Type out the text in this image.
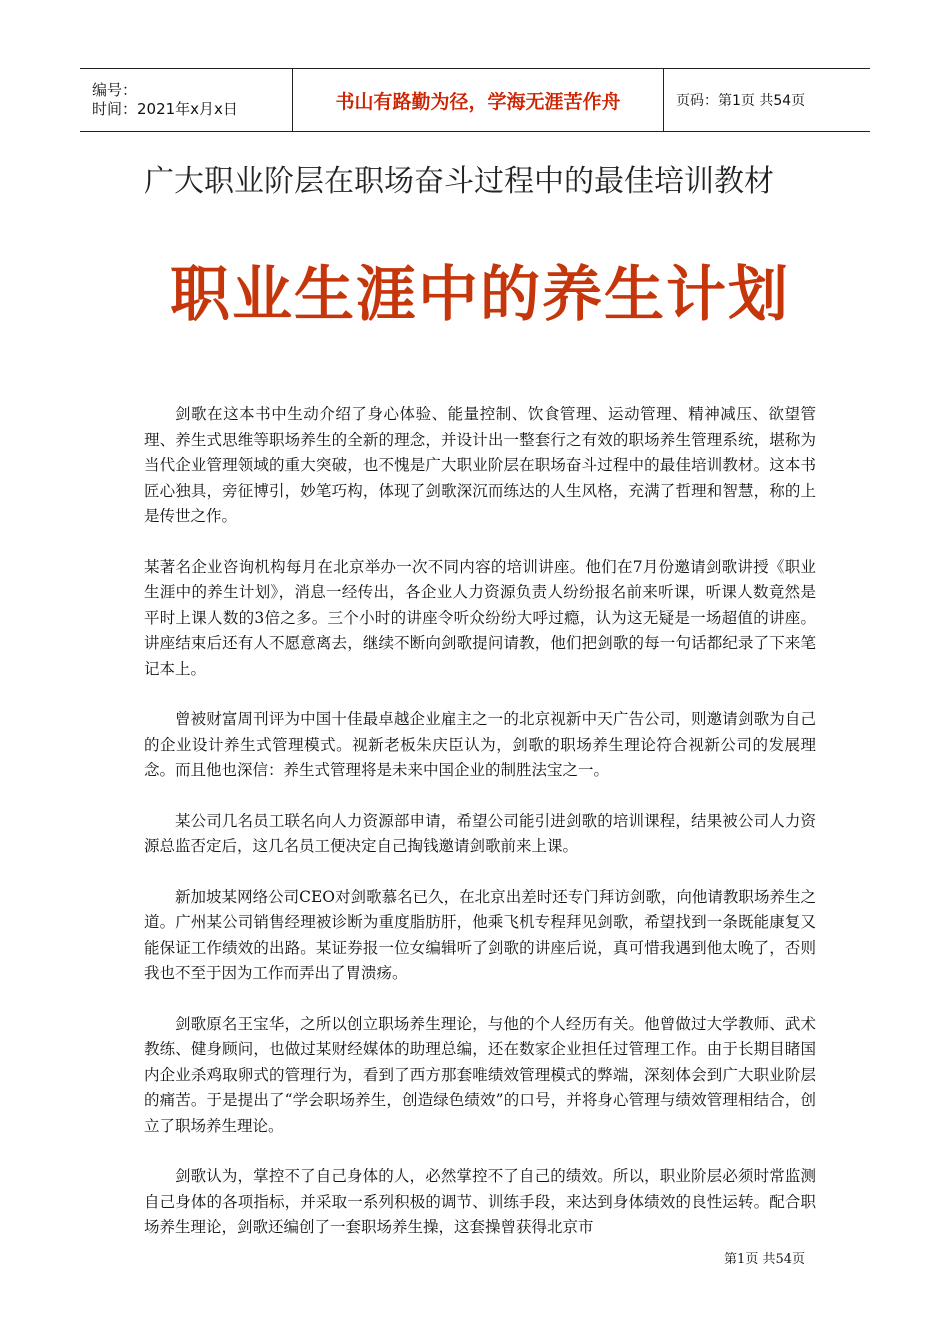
编号：
时间：2021年x月x日	书山有路勤为径，学海无涯苦作舟	页码：第1页 共54页
广大职业阶层在职场奋斗过程中的最佳培训教材
职业生涯中的养生计划

剑歌在这本书中生动介绍了身心体验、能量控制、饮食管理、运动管理、精神减压、欲望管理、养生式思维等职场养生的全新的理念，并设计出一整套行之有效的职场养生管理系统，堪称为当代企业管理领域的重大突破，也不愧是广大职业阶层在职场奋斗过程中的最佳培训教材。这本书匠心独具，旁征博引，妙笔巧构，体现了剑歌深沉而练达的人生风格，充满了哲理和智慧，称的上是传世之作。

某著名企业咨询机构每月在北京举办一次不同内容的培训讲座。他们在7月份邀请剑歌讲授《职业生涯中的养生计划》，消息一经传出，各企业人力资源负责人纷纷报名前来听课，听课人数竟然是平时上课人数的3倍之多。三个小时的讲座令听众纷纷大呼过瘾，认为这无疑是一场超值的讲座。讲座结束后还有人不愿意离去，继续不断向剑歌提问请教，他们把剑歌的每一句话都纪录了下来笔记本上。

曾被财富周刊评为中国十佳最卓越企业雇主之一的北京视新中天广告公司，则邀请剑歌为自己的企业设计养生式管理模式。视新老板朱庆臣认为，剑歌的职场养生理论符合视新公司的发展理念。而且他也深信：养生式管理将是未来中国企业的制胜法宝之一。

某公司几名员工联名向人力资源部申请，希望公司能引进剑歌的培训课程，结果被公司人力资源总监否定后，这几名员工便决定自己掏钱邀请剑歌前来上课。

新加坡某网络公司CEO对剑歌慕名已久，在北京出差时还专门拜访剑歌，向他请教职场养生之道。广州某公司销售经理被诊断为重度脂肪肝，他乘飞机专程拜见剑歌，希望找到一条既能康复又能保证工作绩效的出路。某证券报一位女编辑听了剑歌的讲座后说，真可惜我遇到他太晚了，否则我也不至于因为工作而弄出了胃溃疡。

剑歌原名王宝华，之所以创立职场养生理论，与他的个人经历有关。他曾做过大学教师、武术教练、健身顾问，也做过某财经媒体的助理总编，还在数家企业担任过管理工作。由于长期目睹国内企业杀鸡取卵式的管理行为，看到了西方那套唯绩效管理模式的弊端，深刻体会到广大职业阶层的痛苦。于是提出了“学会职场养生，创造绿色绩效”的口号，并将身心管理与绩效管理相结合，创立了职场养生理论。

剑歌认为，掌控不了自己身体的人，必然掌控不了自己的绩效。所以，职业阶层必须时常监测自己身体的各项指标，并采取一系列积极的调节、训练手段，来达到身体绩效的良性运转。配合职场养生理论，剑歌还编创了一套职场养生操，这套操曾获得北京市

第1页 共54页
